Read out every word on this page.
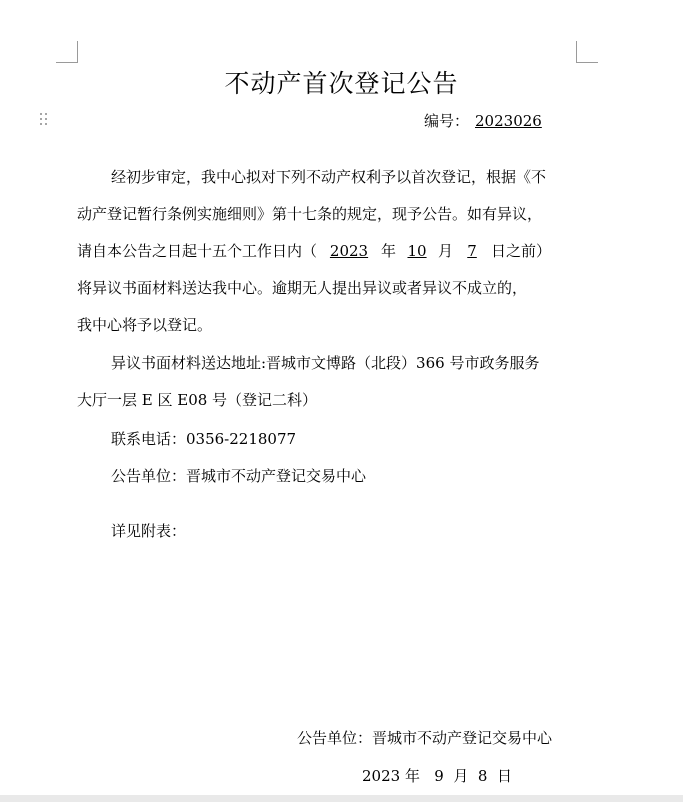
不动产首次登记公告
编号： 2023026
经初步审定，我中心拟对下列不动产权利予以首次登记，根据《不
动产登记暂行条例实施细则》第十七条的规定，现予公告。如有异议，
请自本公告之日起十五个工作日内（ 2023 年 10 月 7 日之前）
将异议书面材料送达我中心。逾期无人提出异议或者异议不成立的，
我中心将予以登记。
异议书面材料送达地址:晋城市文博路（北段）366 号市政务服务
大厅一层 E 区 E08 号（登记二科）
联系电话：0356-2218077
公告单位：晋城市不动产登记交易中心
详见附表：
公告单位：晋城市不动产登记交易中心
2023 年   9  月  8  日
